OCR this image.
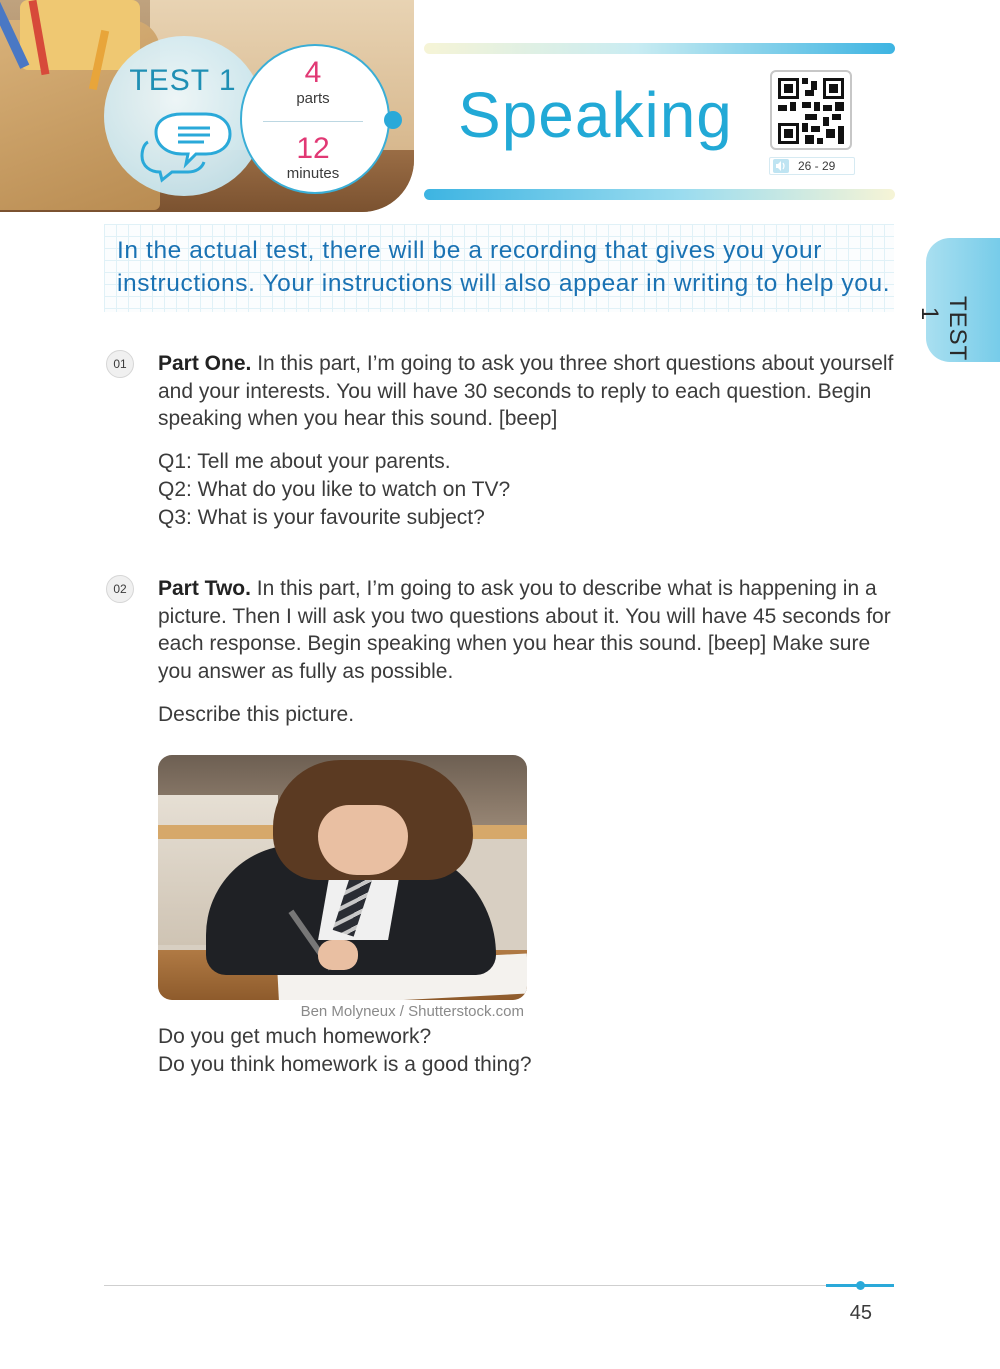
TEST 1	4
parts
12
minutes
Speaking
26 - 29
TEST 1

In the actual test, there will be a recording that gives you your instructions. Your instructions will also appear in writing to help you.

01	Part One. In this part, I’m going to ask you three short questions about yourself and your interests. You will have 30 seconds to reply to each question. Begin speaking when you hear this sound. [beep]

Q1: Tell me about your parents.
Q2: What do you like to watch on TV?
Q3: What is your favourite subject?
02	Part Two. In this part, I’m going to ask you to describe what is happening in a picture. Then I will ask you two questions about it. You will have 45 seconds for each response. Begin speaking when you hear this sound. [beep] Make sure you answer as fully as possible.

Describe this picture.

Ben Molyneux / Shutterstock.com
Do you get much homework?
Do you think homework is a good thing?
45
